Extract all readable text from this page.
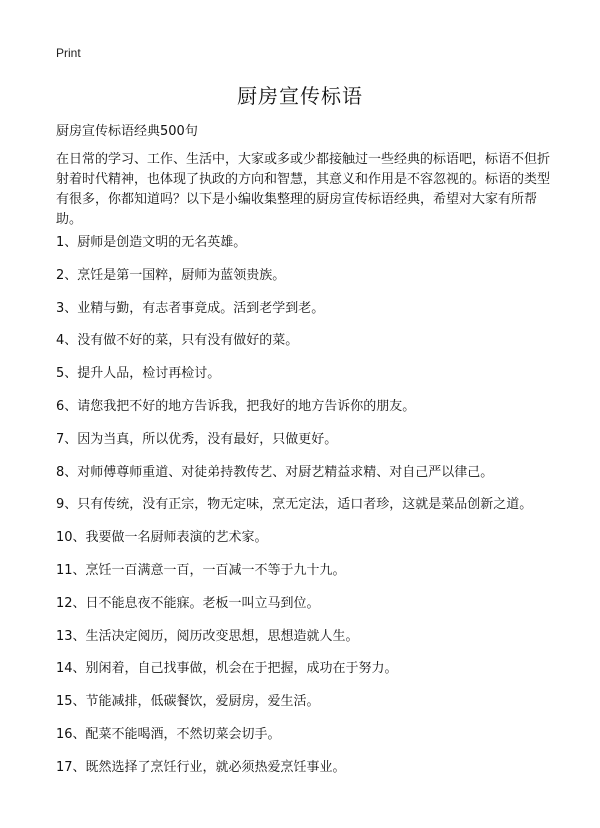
Print
厨房宣传标语

厨房宣传标语经典500句

在日常的学习、工作、生活中，大家或多或少都接触过一些经典的标语吧，标语不但折射着时代精神，也体现了执政的方向和智慧，其意义和作用是不容忽视的。标语的类型有很多，你都知道吗？以下是小编收集整理的厨房宣传标语经典，希望对大家有所帮助。

1、厨师是创造文明的无名英雄。
2、烹饪是第一国粹，厨师为蓝领贵族。
3、业精与勤，有志者事竟成。活到老学到老。
4、没有做不好的菜，只有没有做好的菜。
5、提升人品，检讨再检讨。
6、请您我把不好的地方告诉我，把我好的地方告诉你的朋友。
7、因为当真，所以优秀，没有最好，只做更好。
8、对师傅尊师重道、对徒弟持教传艺、对厨艺精益求精、对自己严以律己。
9、只有传统，没有正宗，物无定味，烹无定法，适口者珍，这就是菜品创新之道。
10、我要做一名厨师表演的艺术家。
11、烹饪一百满意一百，一百减一不等于九十九。
12、日不能息夜不能寐。老板一叫立马到位。
13、生活决定阅历，阅历改变思想，思想造就人生。
14、别闲着，自己找事做，机会在于把握，成功在于努力。
15、节能减排，低碳餐饮，爱厨房，爱生活。
16、配菜不能喝酒，不然切菜会切手。
17、既然选择了烹饪行业，就必须热爱烹饪事业。
